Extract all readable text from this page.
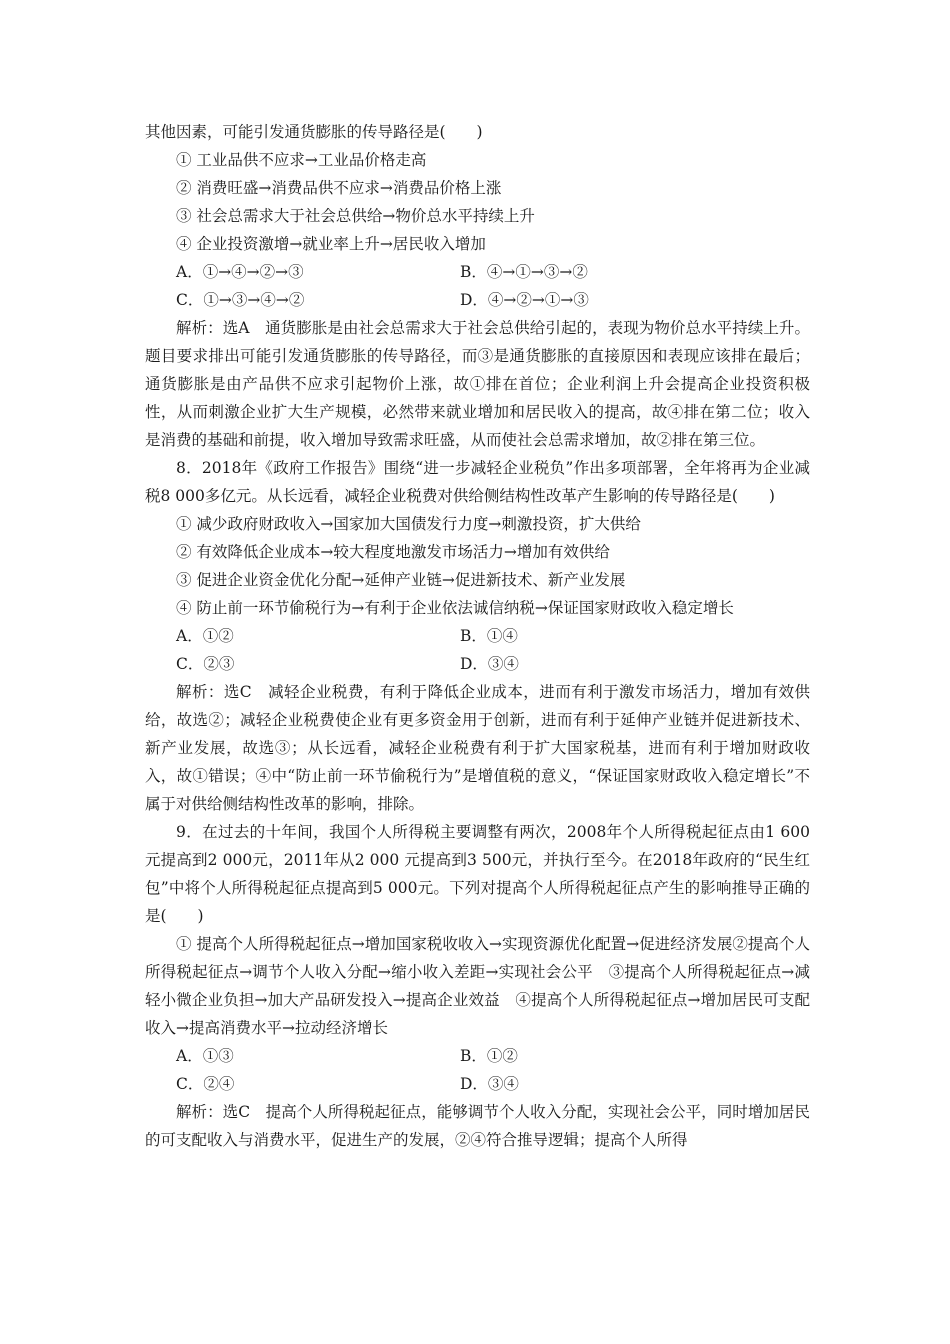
其他因素，可能引发通货膨胀的传导路径是(　　)

① 工业品供不应求→工业品价格走高

② 消费旺盛→消费品供不应求→消费品价格上涨

③ 社会总需求大于社会总供给→物价总水平持续上升

④ 企业投资激增→就业率上升→居民收入增加

A．①→④→②→③	B．④→①→③→②
C．①→③→④→②	D．④→②→①→③

解析：选A　通货膨胀是由社会总需求大于社会总供给引起的，表现为物价总水平持续上升。题目要求排出可能引发通货膨胀的传导路径，而③是通货膨胀的直接原因和表现应该排在最后；通货膨胀是由产品供不应求引起物价上涨，故①排在首位；企业利润上升会提高企业投资积极性，从而刺激企业扩大生产规模，必然带来就业增加和居民收入的提高，故④排在第二位；收入是消费的基础和前提，收入增加导致需求旺盛，从而使社会总需求增加，故②排在第三位。

8．2018年《政府工作报告》围绕“进一步减轻企业税负”作出多项部署，全年将再为企业减税8 000多亿元。从长远看，减轻企业税费对供给侧结构性改革产生影响的传导路径是(　　)

① 减少政府财政收入→国家加大国债发行力度→刺激投资，扩大供给

② 有效降低企业成本→较大程度地激发市场活力→增加有效供给

③ 促进企业资金优化分配→延伸产业链→促进新技术、新产业发展

④ 防止前一环节偷税行为→有利于企业依法诚信纳税→保证国家财政收入稳定增长

A．①②	B．①④
C．②③	D．③④

解析：选C　减轻企业税费，有利于降低企业成本，进而有利于激发市场活力，增加有效供给，故选②；减轻企业税费使企业有更多资金用于创新，进而有利于延伸产业链并促进新技术、新产业发展，故选③；从长远看，减轻企业税费有利于扩大国家税基，进而有利于增加财政收入，故①错误；④中“防止前一环节偷税行为”是增值税的意义，“保证国家财政收入稳定增长”不属于对供给侧结构性改革的影响，排除。

9．在过去的十年间，我国个人所得税主要调整有两次，2008年个人所得税起征点由1 600元提高到2 000元，2011年从2 000 元提高到3 500元，并执行至今。在2018年政府的“民生红包”中将个人所得税起征点提高到5 000元。下列对提高个人所得税起征点产生的影响推导正确的是(　　)

① 提高个人所得税起征点→增加国家税收收入→实现资源优化配置→促进经济发展②提高个人所得税起征点→调节个人收入分配→缩小收入差距→实现社会公平　③提高个人所得税起征点→减轻小微企业负担→加大产品研发投入→提高企业效益　④提高个人所得税起征点→增加居民可支配收入→提高消费水平→拉动经济增长

A．①③	B．①②
C．②④	D．③④

解析：选C　提高个人所得税起征点，能够调节个人收入分配，实现社会公平，同时增加居民的可支配收入与消费水平，促进生产的发展，②④符合推导逻辑；提高个人所得
